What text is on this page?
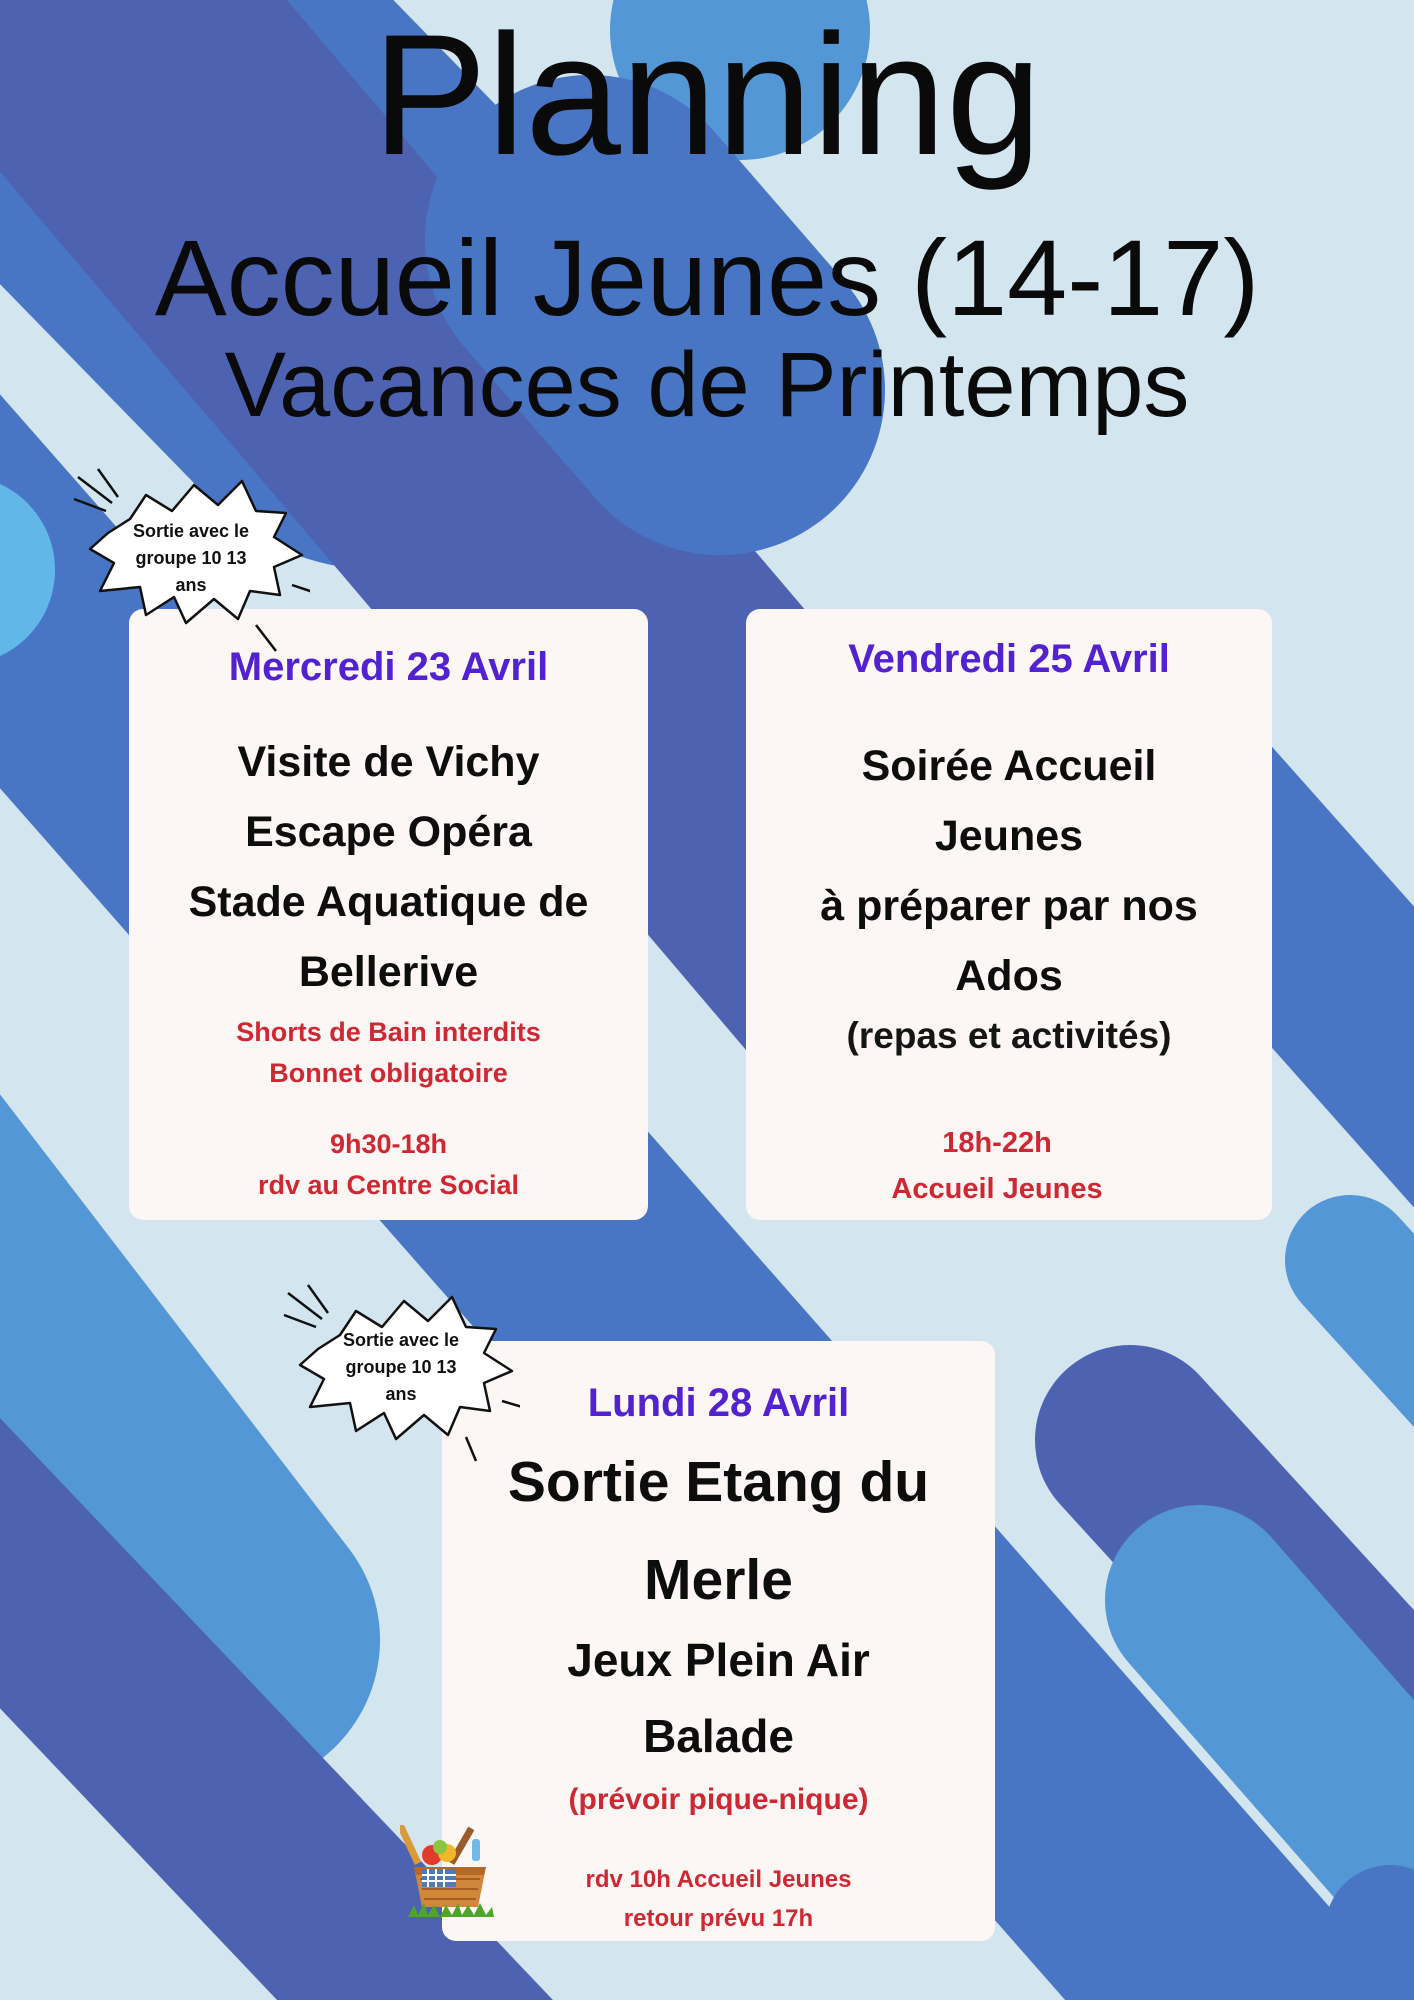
Planning
Accueil Jeunes (14-17)
Vacances de Printemps
Mercredi 23 Avril
Visite de Vichy
Escape Opéra
Stade Aquatique de
Bellerive
Shorts de Bain interdits
Bonnet obligatoire
9h30-18h
rdv au Centre Social
Vendredi 25 Avril
Soirée Accueil
Jeunes
à préparer par nos
Ados
(repas et activités)
18h-22h
Accueil Jeunes
Lundi 28 Avril
Sortie Etang du
Merle
Jeux Plein Air
Balade
(prévoir pique-nique)
rdv 10h Accueil Jeunes
retour prévu 17h
Sortie avec le
groupe 10 13
ans
Sortie avec le
groupe 10 13
ans
